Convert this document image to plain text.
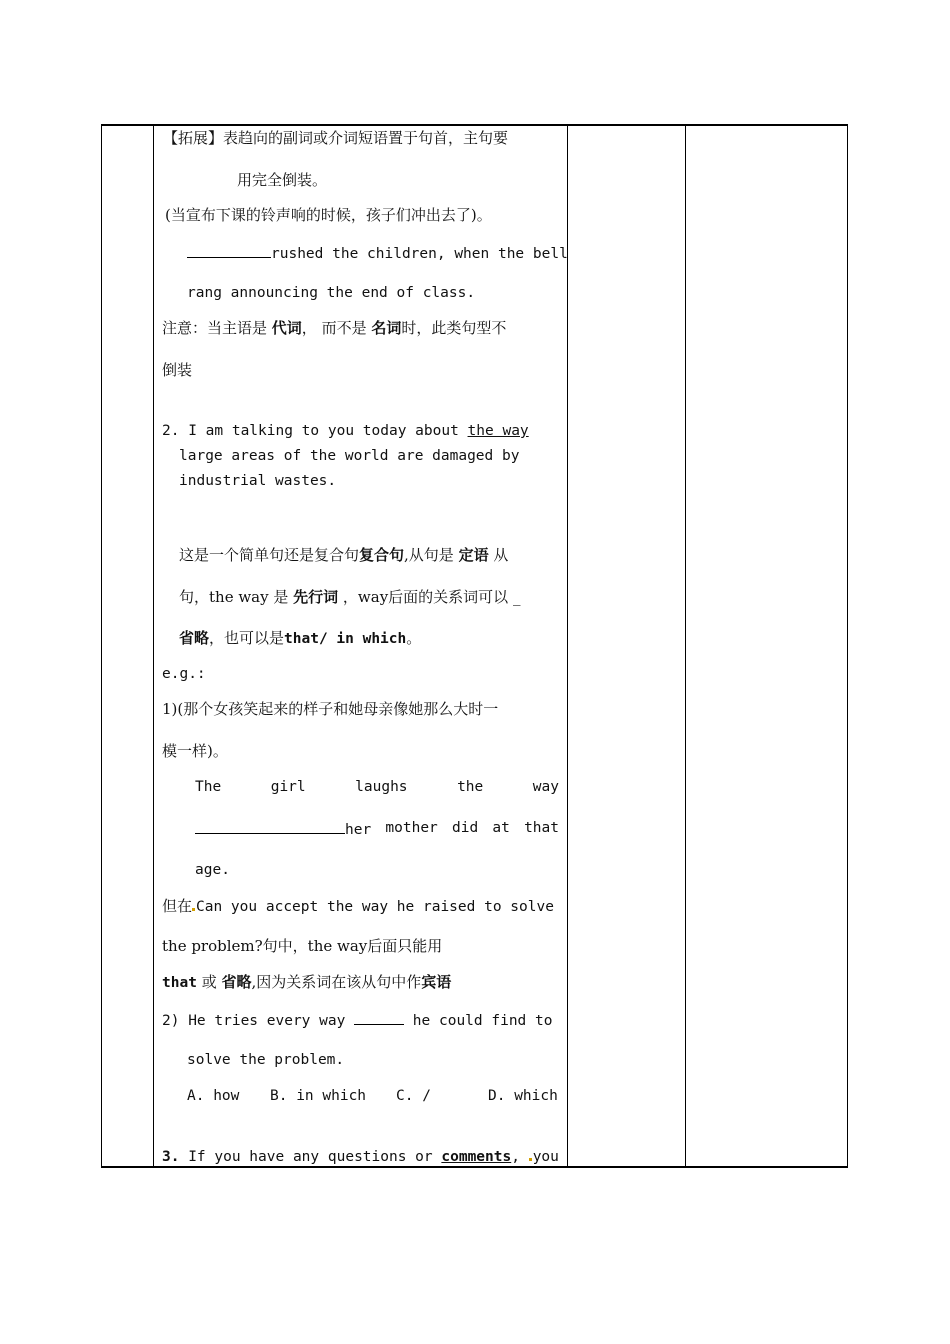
【拓展】表趋向的副词或介词短语置于句首，主句要
用完全倒装。
(当宣布下课的铃声响的时候，孩子们冲出去了)。
rushed the children, when the bell
rang announcing the end of class.
注意：当主语是 代词， 而不是 名词时，此类句型不
倒装
2. I am talking to you today about the way
large areas of the world are damaged by
industrial wastes.
这是一个简单句还是复合句复合句,从句是 定语 从
句，the way 是 先行词 ，way后面的关系词可以 _
省略，也可以是that/ in which。
e.g.:
1)(那个女孩笑起来的样子和她母亲像她那么大时一
模一样)。
The	girl	laughs	the	way
her mother did at that
age.
但在 Can you accept the way he raised to solve
the problem?句中，the way后面只能用
that 或 省略,因为关系词在该从句中作宾语
2) He tries every way	he could find to
solve the problem.
A. how B. in which C. /	D. which
3. If you have any questions or comments, you
